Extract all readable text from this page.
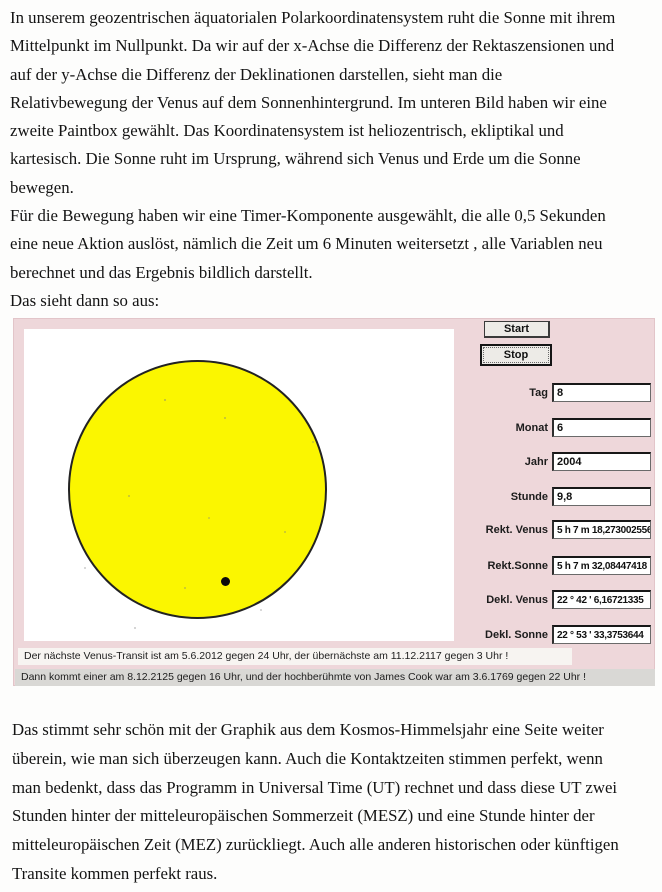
In unserem geozentrischen äquatorialen Polarkoordinatensystem ruht die Sonne mit ihrem
Mittelpunkt im Nullpunkt. Da wir auf der x-Achse die Differenz der Rektaszensionen und
auf der y-Achse die Differenz der Deklinationen darstellen, sieht man die
Relativbewegung der Venus auf dem Sonnenhintergrund. Im unteren Bild haben wir eine
zweite Paintbox gewählt. Das Koordinatensystem ist heliozentrisch, ekliptikal und
kartesisch. Die Sonne ruht im Ursprung, während sich Venus und Erde um die Sonne
bewegen.
Für die Bewegung haben wir eine Timer-Komponente ausgewählt, die alle 0,5 Sekunden
eine neue Aktion auslöst, nämlich die Zeit um 6 Minuten weitersetzt , alle Variablen neu
berechnet und das Ergebnis bildlich darstellt.
Das sieht dann so aus:
Start
Stop
Tag
8
Monat
6
Jahr
2004
Stunde
9,8
Rekt. Venus
5 h 7 m 18,273002556
Rekt.Sonne
5 h 7 m 32,08447418
Dekl. Venus
22 ° 42 ' 6,16721335
Dekl. Sonne
22 ° 53 ' 33,3753644
Der nächste Venus-Transit ist am 5.6.2012 gegen 24 Uhr, der übernächste am 11.12.2117 gegen 3 Uhr !
Dann kommt einer am 8.12.2125 gegen 16 Uhr, und der hochberühmte von James Cook war am 3.6.1769 gegen 22 Uhr !
Das stimmt sehr schön mit der Graphik aus dem Kosmos-Himmelsjahr eine Seite weiter
überein, wie man sich überzeugen kann. Auch die Kontaktzeiten stimmen perfekt, wenn
man bedenkt, dass das Programm in Universal Time (UT) rechnet und dass diese UT zwei
Stunden hinter der mitteleuropäischen Sommerzeit (MESZ) und eine Stunde hinter der
mitteleuropäischen Zeit (MEZ) zurückliegt. Auch alle anderen historischen oder künftigen
Transite kommen perfekt raus.
